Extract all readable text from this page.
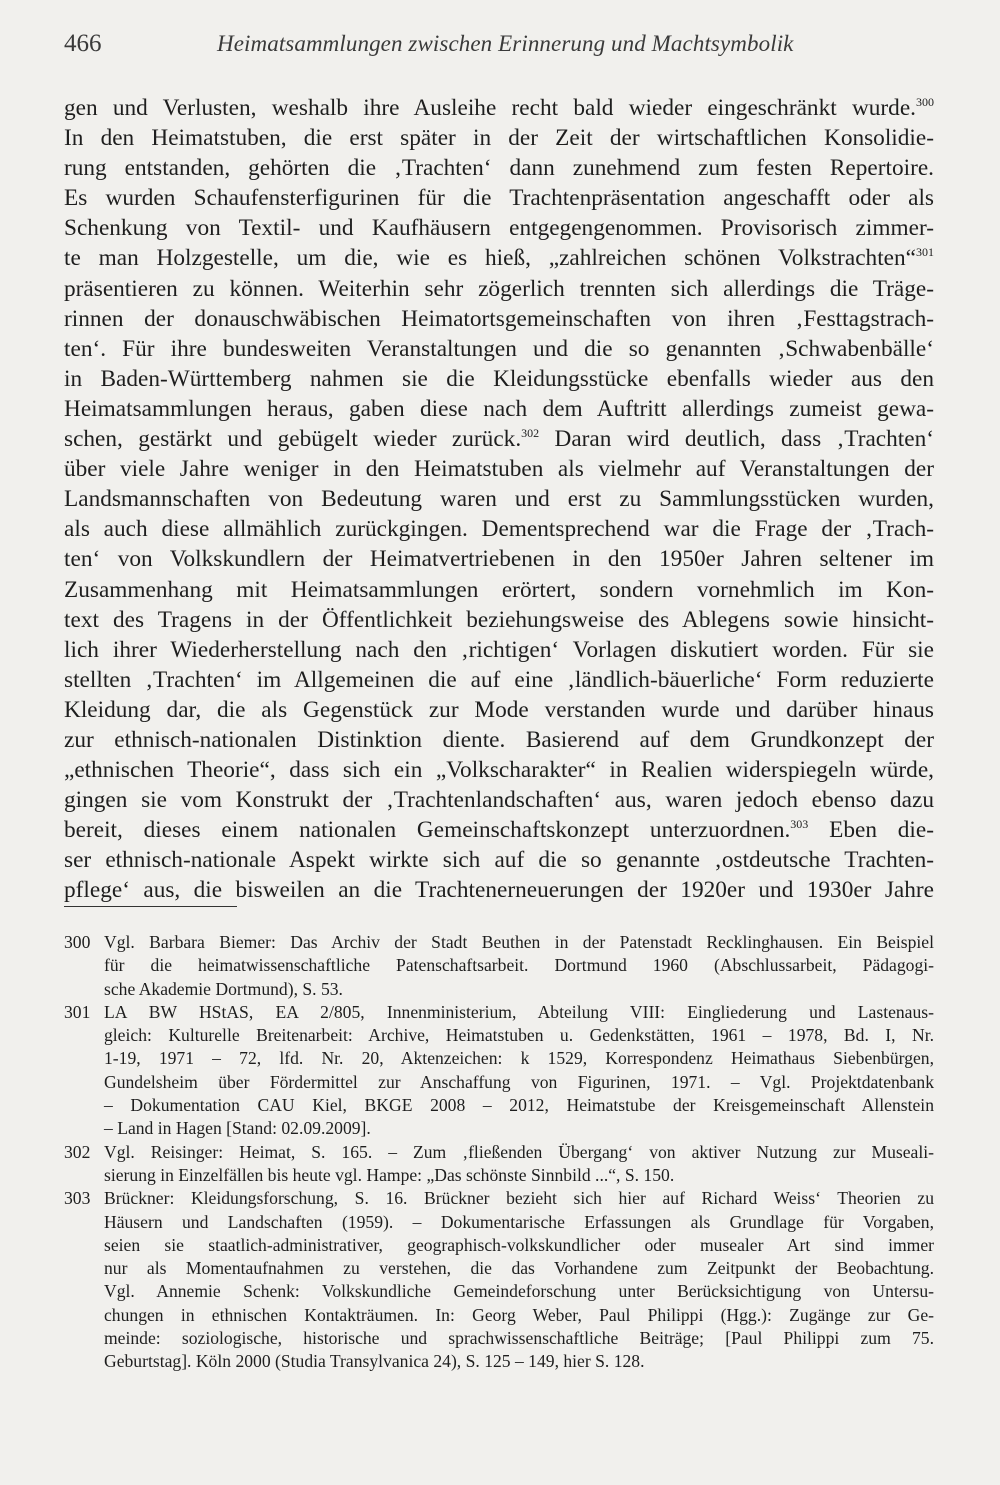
466	Heimatsammlungen zwischen Erinnerung und Machtsymbolik
gen und Verlusten, weshalb ihre Ausleihe recht bald wieder eingeschränkt wurde.$^{300}$
In den Heimatstuben, die erst später in der Zeit der wirtschaftlichen Konsolidie-
rung entstanden, gehörten die ‚Trachten‘ dann zunehmend zum festen Repertoire.
Es wurden Schaufensterfigurinen für die Trachtenpräsentation angeschafft oder als
Schenkung von Textil- und Kaufhäusern entgegengenommen. Provisorisch zimmer-
te man Holzgestelle, um die, wie es hieß, „zahlreichen schönen Volkstrachten“$^{301}$
präsentieren zu können. Weiterhin sehr zögerlich trennten sich allerdings die Träge-
rinnen der donauschwäbischen Heimatortsgemeinschaften von ihren ‚Festtagstrach-
ten‘. Für ihre bundesweiten Veranstaltungen und die so genannten ‚Schwabenbälle‘
in Baden-Württemberg nahmen sie die Kleidungsstücke ebenfalls wieder aus den
Heimatsammlungen heraus, gaben diese nach dem Auftritt allerdings zumeist gewa-
schen, gestärkt und gebügelt wieder zurück.$^{302}$ Daran wird deutlich, dass ‚Trachten‘
über viele Jahre weniger in den Heimatstuben als vielmehr auf Veranstaltungen der
Landsmannschaften von Bedeutung waren und erst zu Sammlungsstücken wurden,
als auch diese allmählich zurückgingen. Dementsprechend war die Frage der ‚Trach-
ten‘ von Volkskundlern der Heimatvertriebenen in den 1950er Jahren seltener im
Zusammenhang mit Heimatsammlungen erörtert, sondern vornehmlich im Kon-
text des Tragens in der Öffentlichkeit beziehungsweise des Ablegens sowie hinsicht-
lich ihrer Wiederherstellung nach den ‚richtigen‘ Vorlagen diskutiert worden. Für sie
stellten ‚Trachten‘ im Allgemeinen die auf eine ‚ländlich-bäuerliche‘ Form reduzierte
Kleidung dar, die als Gegenstück zur Mode verstanden wurde und darüber hinaus
zur ethnisch-nationalen Distinktion diente. Basierend auf dem Grundkonzept der
„ethnischen Theorie“, dass sich ein „Volkscharakter“ in Realien widerspiegeln würde,
gingen sie vom Konstrukt der ‚Trachtenlandschaften‘ aus, waren jedoch ebenso dazu
bereit, dieses einem nationalen Gemeinschaftskonzept unterzuordnen.$^{303}$ Eben die-
ser ethnisch-nationale Aspekt wirkte sich auf die so genannte ‚ostdeutsche Trachten-
pflege‘ aus, die bisweilen an die Trachtenerneuerungen der 1920er und 1930er Jahre
300 Vgl. Barbara Biemer: Das Archiv der Stadt Beuthen in der Patenstadt Recklinghausen. Ein Beispiel
für die heimatwissenschaftliche Patenschaftsarbeit. Dortmund 1960 (Abschlussarbeit, Pädagogi-
sche Akademie Dortmund), S. 53.
301 LA BW HStAS, EA 2/805, Innenministerium, Abteilung VIII: Eingliederung und Lastenaus-
gleich: Kulturelle Breitenarbeit: Archive, Heimatstuben u. Gedenkstätten, 1961 – 1978, Bd. I, Nr.
1-19, 1971 – 72, lfd. Nr. 20, Aktenzeichen: k 1529, Korrespondenz Heimathaus Siebenbürgen,
Gundelsheim über Fördermittel zur Anschaffung von Figurinen, 1971. – Vgl. Projektdatenbank
– Dokumentation CAU Kiel, BKGE 2008 – 2012, Heimatstube der Kreisgemeinschaft Allenstein
– Land in Hagen [Stand: 02.09.2009].
302 Vgl. Reisinger: Heimat, S. 165. – Zum ‚fließenden Übergang‘ von aktiver Nutzung zur Museali-
sierung in Einzelfällen bis heute vgl. Hampe: „Das schönste Sinnbild ...“, S. 150.
303 Brückner: Kleidungsforschung, S. 16. Brückner bezieht sich hier auf Richard Weiss‘ Theorien zu
Häusern und Landschaften (1959). – Dokumentarische Erfassungen als Grundlage für Vorgaben,
seien sie staatlich-administrativer, geographisch-volkskundlicher oder musealer Art sind immer
nur als Momentaufnahmen zu verstehen, die das Vorhandene zum Zeitpunkt der Beobachtung.
Vgl. Annemie Schenk: Volkskundliche Gemeindeforschung unter Berücksichtigung von Untersu-
chungen in ethnischen Kontakträumen. In: Georg Weber, Paul Philippi (Hgg.): Zugänge zur Ge-
meinde: soziologische, historische und sprachwissenschaftliche Beiträge; [Paul Philippi zum 75.
Geburtstag]. Köln 2000 (Studia Transylvanica 24), S. 125 – 149, hier S. 128.
